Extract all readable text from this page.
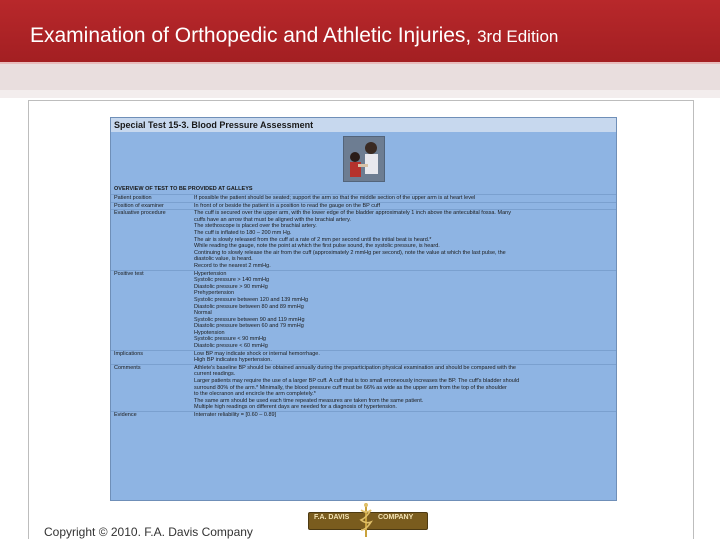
Examination of Orthopedic and Athletic Injuries, 3rd Edition
Special Test 15-3. Blood Pressure Assessment
OVERVIEW OF TEST TO BE PROVIDED AT GALLEYS
Patient position	If possible the patient should be seated; support the arm so that the middle section of the upper arm is at heart level
Position of examiner	In front of or beside the patient in a position to read the gauge on the BP cuff
Evaluative procedure	The cuff is secured over the upper arm, with the lower edge of the bladder approximately 1 inch above the antecubital fossa. Many
cuffs have an arrow that must be aligned with the brachial artery.
The stethoscope is placed over the brachial artery.
The cuff is inflated to 180 – 200 mm Hg.
The air is slowly released from the cuff at a rate of 2 mm per second until the initial beat is heard.*
While reading the gauge, note the point at which the first pulse sound, the systolic pressure, is heard.
Continuing to slowly release the air from the cuff (approximately 2 mmHg per second), note the value at which the last pulse, the
diastolic value, is heard.
Record to the nearest 2 mmHg.
Positive test	Hypertension
Systolic pressure > 140 mmHg
Diastolic pressure > 90 mmHg
Prehypertension
Systolic pressure between 120 and 139 mmHg
Diastolic pressure between 80 and 89 mmHg
Normal
Systolic pressure between 90 and 119 mmHg
Diastolic pressure between 60 and 79 mmHg
Hypotension
Systolic pressure < 90 mmHg
Diastolic pressure < 60 mmHg
Implications	Low BP may indicate shock or internal hemorrhage.
High BP indicates hypertension.
Comments	Athlete's baseline BP should be obtained annually during the preparticipation physical examination and should be compared with the
current readings.
Larger patients may require the use of a larger BP cuff. A cuff that is too small erroneously increases the BP. The cuff's bladder should
surround 80% of the arm.* Minimally, the blood pressure cuff must be 66% as wide as the upper arm from the top of the shoulder
to the olecranon and encircle the arm completely.*
The same arm should be used each time repeated measures are taken from the same patient.
Multiple high readings on different days are needed for a diagnosis of hypertension.
Evidence	Interrater reliability = [0.60 – 0.89]
F.A. DAVIS	COMPANY
Copyright © 2010. F.A. Davis Company
